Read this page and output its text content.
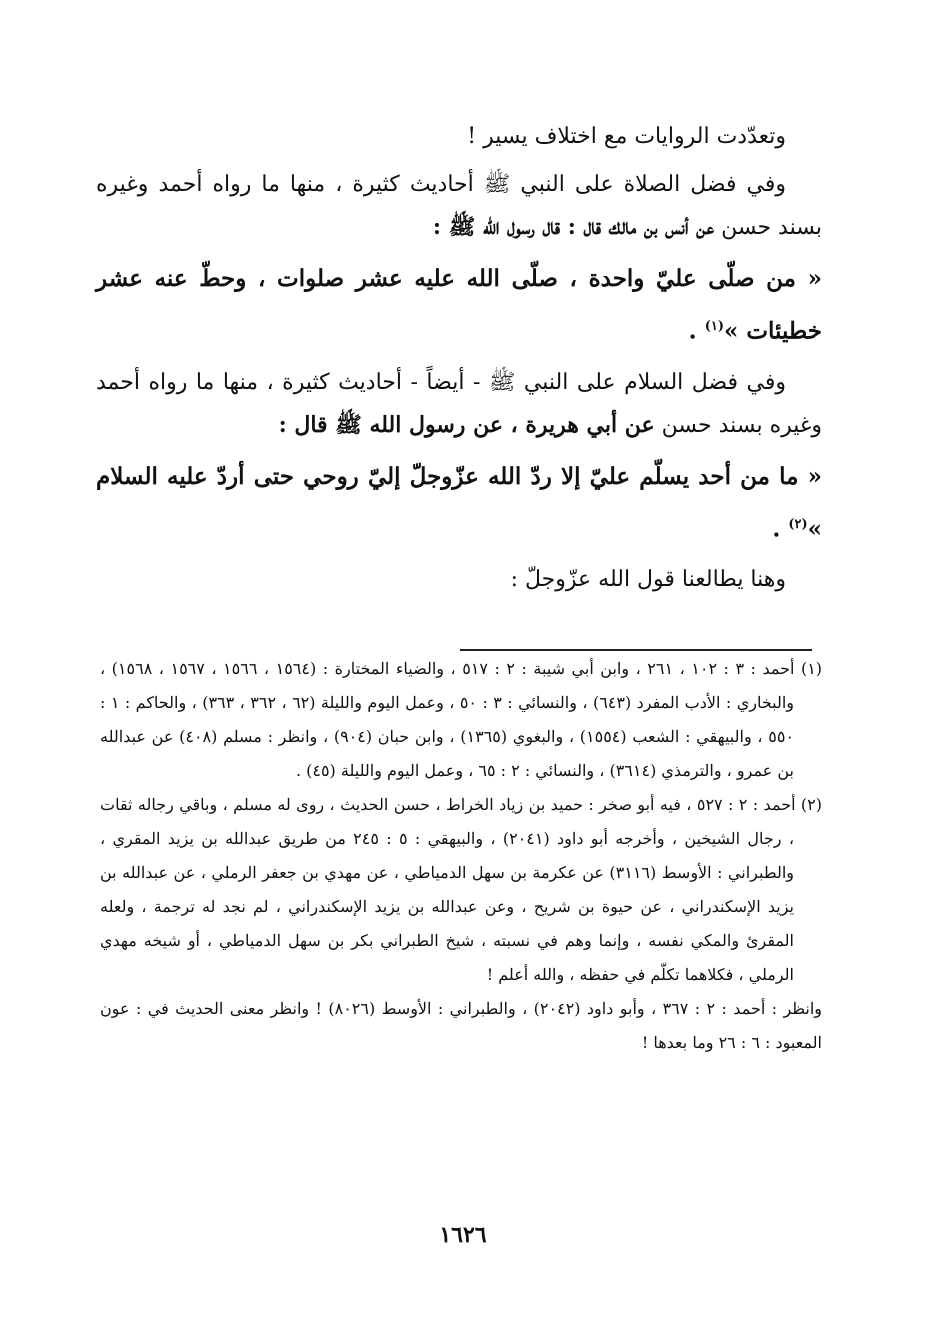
وتعدّدت الروايات مع اختلاف يسير !

وفي فضل الصلاة على النبي ﷺ أحاديث كثيرة ، منها ما رواه أحمد وغيره بسند حسن عن أنس بن مالك قال : قال رسول الله ﷺ :

« من صلّى عليّ واحدة ، صلّى الله عليه عشر صلوات ، وحطّ عنه عشر خطيئات »$^{(١)}$ .

وفي فضل السلام على النبي ﷺ - أيضاً - أحاديث كثيرة ، منها ما رواه أحمد وغيره بسند حسن عن أبي هريرة ، عن رسول الله ﷺ قال :

« ما من أحد يسلّم عليّ إلا ردّ الله عزّوجلّ إليّ روحي حتى أردّ عليه السلام »$^{(٢)}$ .

وهنا يطالعنا قول الله عزّوجلّ :

(١) أحمد : ٣ : ١٠٢ ، ٢٦١ ، وابن أبي شيبة : ٢ : ٥١٧ ، والضياء المختارة : (١٥٦٤ ، ١٥٦٦ ، ١٥٦٧ ، ١٥٦٨) ، والبخاري : الأدب المفرد (٦٤٣) ، والنسائي : ٣ : ٥٠ ، وعمل اليوم والليلة (٦٢ ، ٣٦٢ ، ٣٦٣) ، والحاكم : ١ : ٥٥٠ ، والبيهقي : الشعب (١٥٥٤) ، والبغوي (١٣٦٥) ، وابن حبان (٩٠٤) ، وانظر : مسلم (٤٠٨) عن عبدالله بن عمرو ، والترمذي (٣٦١٤) ، والنسائي : ٢ : ٦٥ ، وعمل اليوم والليلة (٤٥) .

(٢) أحمد : ٢ : ٥٢٧ ، فيه أبو صخر : حميد بن زياد الخراط ، حسن الحديث ، روى له مسلم ، وباقي رجاله ثقات ، رجال الشيخين ، وأخرجه أبو داود (٢٠٤١) ، والبيهقي : ٥ : ٢٤٥ من طريق عبدالله بن يزيد المقري ، والطبراني : الأوسط (٣١١٦) عن عكرمة بن سهل الدمياطي ، عن مهدي بن جعفر الرملي ، عن عبدالله بن يزيد الإسكندراني ، عن حيوة بن شريح ، وعن عبدالله بن يزيد الإسكندراني ، لم نجد له ترجمة ، ولعله المقرئ والمكي نفسه ، وإنما وهم في نسبته ، شيخ الطبراني بكر بن سهل الدمياطي ، أو شيخه مهدي الرملي ، فكلاهما تكلّم في حفظه ، والله أعلم !

وانظر : أحمد : ٢ : ٣٦٧ ، وأبو داود (٢٠٤٢) ، والطبراني : الأوسط (٨٠٢٦) ! وانظر معنى الحديث في : عون المعبود : ٦ : ٢٦ وما بعدها !

١٦٢٦
